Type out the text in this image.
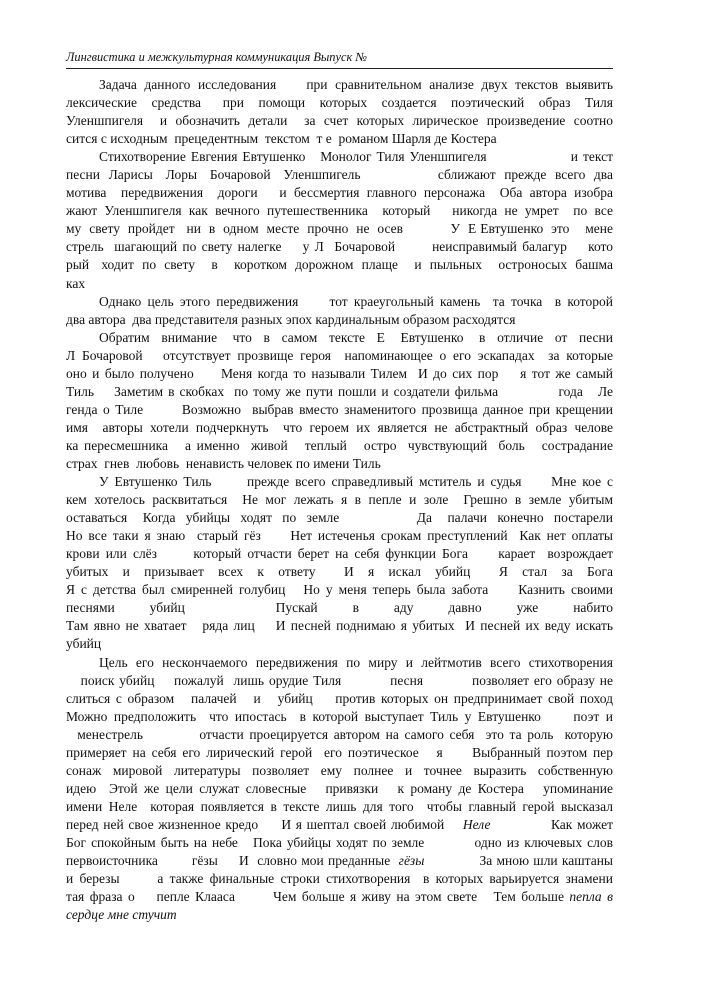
Лингвистика и межкультурная коммуникация Выпуск №
Задача данного исследования    при сравнительном анализе двух текстов выявить
лексические  средства   при  помощи  которых  создается  поэтический  образ  Тиля
Уленшпигеля  и обозначить детали  за счет которых лирическое произведение соотно
сится с исходным  прецедентным  текстом  т е  романом Шарля де Костера
Стихотворение Евгения Евтушенко   Монолог Тиля Уленшпигеля                 и текст
песни  Ларисы   Лоры   Бочаровой   Уленшпигель                  сближают  прежде  всего  два
мотива  передвижения  дороги   и бессмертия главного персонажа  Оба автора изобра
жают Уленшпигеля как вечного путешественника  который   никогда не умрет  по все
му  свету  пройдет   ни  в  одном  месте  прочно  не  осев            У  Е Евтушенко  это    мене
стрель  шагающий по свету налегке    у Л  Бочаровой       неисправимый балагур    кото
рый   ходит  по  свету    в    коротком  дорожном  плаще    и  пыльных    остроносых  башма
ках
Однако цель этого передвижения     тот краеугольный камень  та точка  в которой
два автора  два представителя разных эпох кардинальным образом расходятся
Обратим   внимание    что   в   самом   тексте   Е    Евтушенко    в   отличие   от   песни
Л Бочаровой   отсутствует прозвище героя  напоминающее о его эскападах  за которые
оно и было получено     Меня когда то называли Тилем  И до сих пор    я тот же самый
Тиль    Заметим в скобках  по тому же пути пошли и создатели фильма            года   Ле
генда о Тиле       Возможно  выбрав вместо знаменитого прозвища данное при крещении
имя  авторы хотели подчеркнуть  что героем их является не абстрактный образ челове
ка пересмешника   а именно  живой   теплый   остро  чувствующий  боль   сострадание
страх  гнев  любовь  ненависть человек по имени Тиль
У Евтушенко Тиль      прежде всего справедливый мститель и судья     Мне кое с
кем хотелось расквитаться  Не мог лежать я в пепле и золе  Грешно в земле убитым
оставаться   Когда  убийцы  ходят  по  земле               Да   палачи  конечно  постарели
Но все таки я знаю  старый гёз     Нет истеченья срокам преступлений  Как нет оплаты
крови или слёз      который отчасти берет на себя функции Бога     карает  возрождает
убитых   и   призывает   всех   к   ответу      И   я   искал   убийц      Я   стал   за   Бога
Я с детства был смиренней голубиц   Но у меня теперь была забота     Казнить своими
песнями          убийц                          Пускай          в          аду          давно          уже          набито
Там явно не хватает   ряда лиц    И песней поднимаю я убитых  И песней их веду искать
убийц
Цель его нескончаемого передвижения по миру и лейтмотив всего стихотворения
поиск убийц    пожалуй  лишь орудие Тиля          песня          позволяет его образу не
слиться с образом   палачей   и   убийц    против которых он предпринимает свой поход
Можно предположить  что ипостась  в которой выступает Тиль у Евтушенко     поэт и
менестрель          отчасти проецируется автором на самого себя  это та роль  которую
примеряет на себя его лирический герой  его поэтическое   я     Выбранный поэтом пер
сонаж  мировой  литературы  позволяет  ему  полнее  и  точнее  выразить  собственную
идею  Этой же цели служат словесные   привязки   к роману де Костера   упоминание
имени Неле  которая появляется в тексте лишь для того  чтобы главный герой высказал
перед ней свое жизненное кредо     И я шептал своей любимой    Неле             Как может
Бог спокойным быть на небе   Пока убийцы ходят по земле          одно из ключевых слов
первоисточника        гёзы     И  словно мои преданные  гёзы             За мною шли каштаны
и березы      а также финальные строки стихотворения  в которых варьируется знамени
тая фраза о    пепле Клааса       Чем больше я живу на этом свете   Тем больше пепла в
сердце мне стучит
